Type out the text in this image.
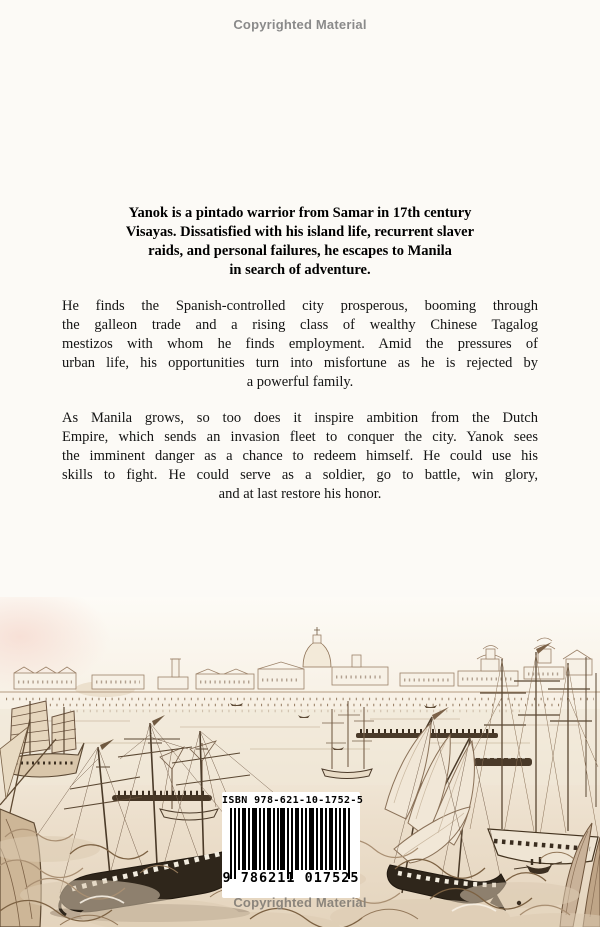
Copyrighted Material
Yanok is a pintado warrior from Samar in 17th century
Visayas. Dissatisfied with his island life, recurrent slaver
raids, and personal failures, he escapes to Manila
in search of adventure.
He finds the Spanish-controlled city prosperous, booming through
the galleon trade and a rising class of wealthy Chinese Tagalog
mestizos with whom he finds employment. Amid the pressures of
urban life, his opportunities turn into misfortune as he is rejected by
a powerful family.
As Manila grows, so too does it inspire ambition from the Dutch
Empire, which sends an invasion fleet to conquer the city. Yanok sees
the imminent danger as a chance to redeem himself. He could use his
skills to fight. He could serve as a soldier, go to battle, win glory,
and at last restore his honor.
ISBN 978-621-10-1752-5
9 786211 017525
Copyrighted Material
